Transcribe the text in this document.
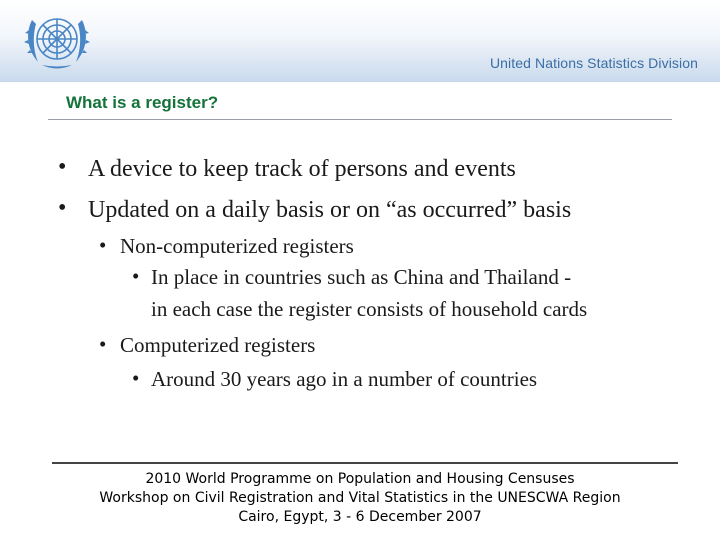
United Nations Statistics Division
What is a register?
• A device to keep track of persons and events
• Updated on a daily basis or on “as occurred” basis
• Non-computerized registers
• In place in countries such as China and Thailand -
in each case the register consists of household cards
• Computerized registers
• Around 30 years ago in a number of countries
2010 World Programme on Population and Housing Censuses
Workshop on Civil Registration and Vital Statistics in the UNESCWA Region
Cairo, Egypt, 3 - 6 December 2007
